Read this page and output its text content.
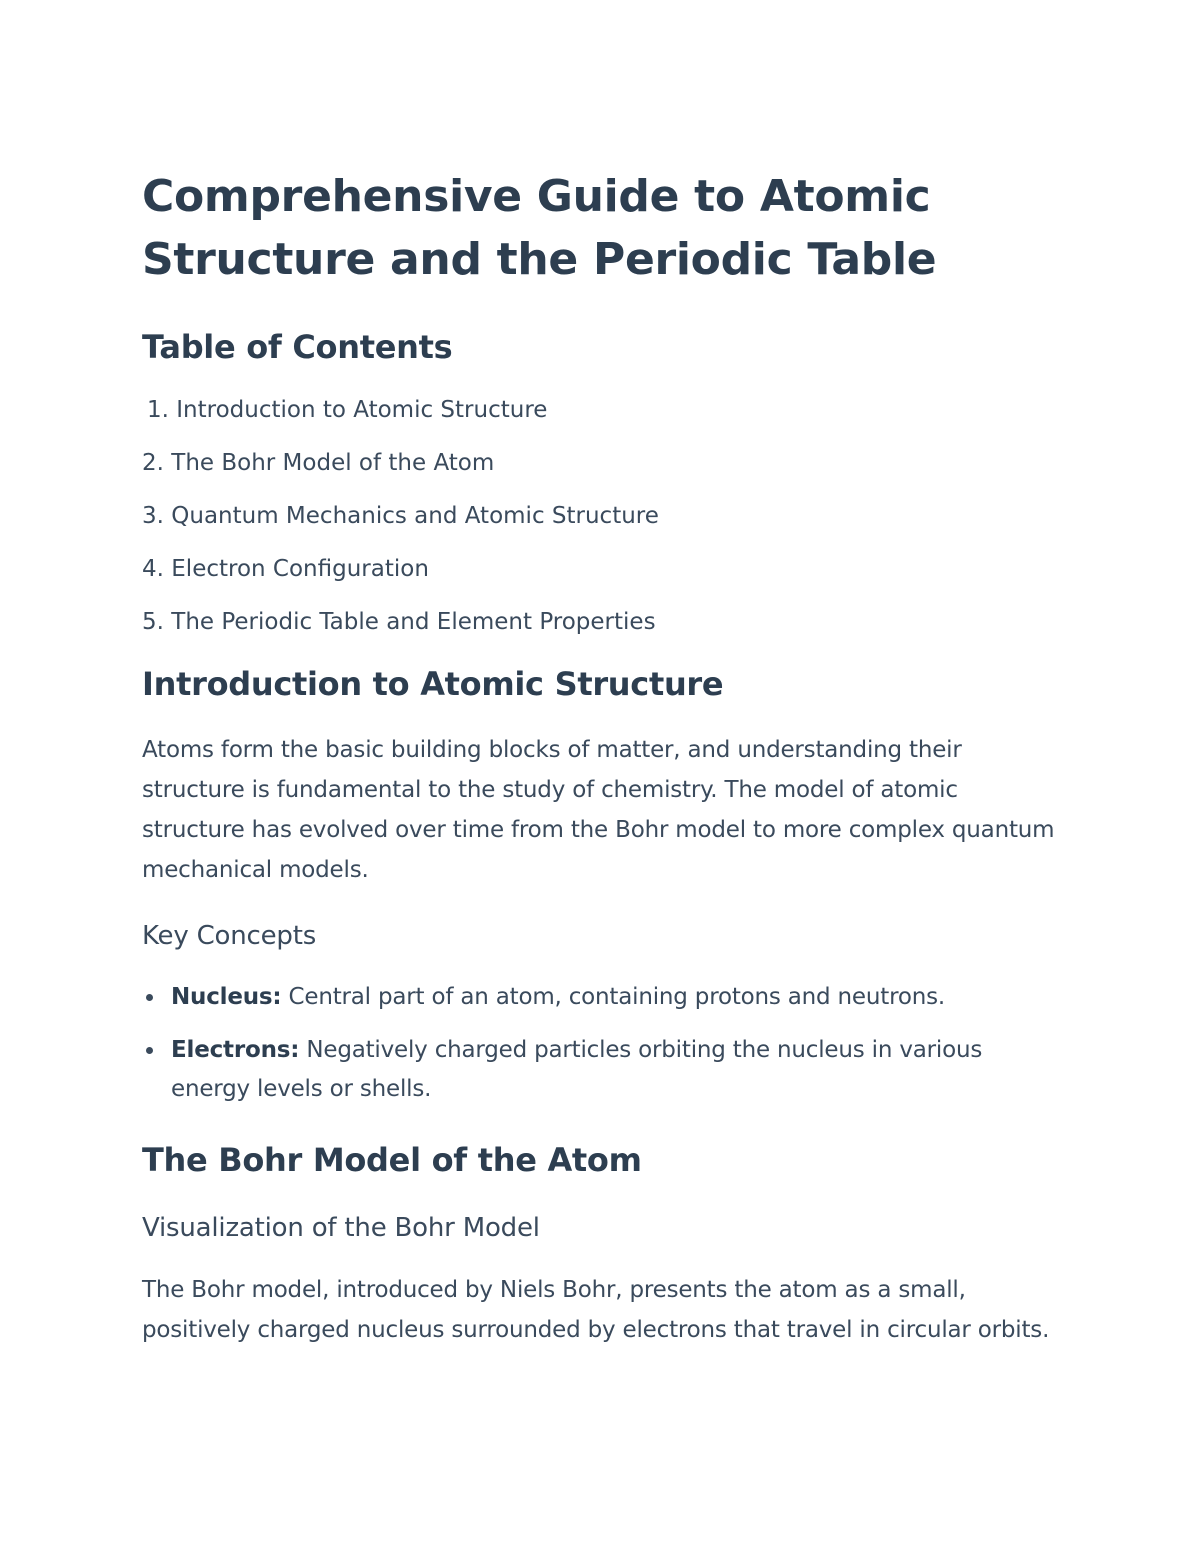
Comprehensive Guide to Atomic Structure and the Periodic Table
Table of Contents
1. Introduction to Atomic Structure
2. The Bohr Model of the Atom
3. Quantum Mechanics and Atomic Structure
4. Electron Configuration
5. The Periodic Table and Element Properties
Introduction to Atomic Structure

Atoms form the basic building blocks of matter, and understanding their structure is fundamental to the study of chemistry. The model of atomic structure has evolved over time from the Bohr model to more complex quantum mechanical models.

Key Concepts
Nucleus: Central part of an atom, containing protons and neutrons.
Electrons: Negatively charged particles orbiting the nucleus in various energy levels or shells.
The Bohr Model of the Atom
Visualization of the Bohr Model

The Bohr model, introduced by Niels Bohr, presents the atom as a small, positively charged nucleus surrounded by electrons that travel in circular orbits.
